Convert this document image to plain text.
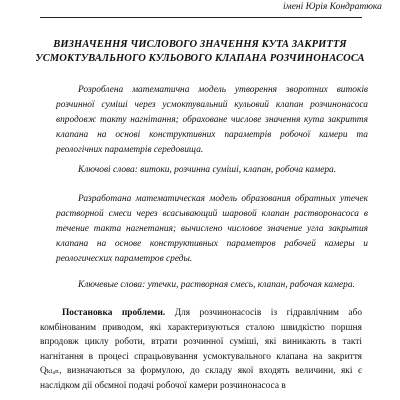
імені Юрія Кондратюка
ВИЗНАЧЕННЯ ЧИСЛОВОГО ЗНАЧЕННЯ КУТА ЗАКРИТТЯ
УСМОКТУВАЛЬНОГО КУЛЬОВОГО КЛАПАНА РОЗЧИНОНАСОСА
Розроблена математична модель утворення зворотних витоків розчинної суміші через усмоктувальний кульовий клапан розчинонасоса впродовж такту нагнітання; обраховане числове значення кута закриття клапана на основі конструктивних параметрів робочої камери та реологічних параметрів середовища.
Ключові слова: витоки, розчинна суміші, клапан, робоча камера.
Разработана математическая модель образования обратных утечек растворной смеси через всасывающий шаровой клапан растворонасоса в течение такта нагнетания; вычислено числовое значение угла закрытия клапана на основе конструктивных параметров рабочей камеры и реологических параметров среды.
Ключевые слова: утечки, растворная смесь, клапан, рабочая камера.
Постановка проблеми. Для розчинонасосів із гідравлічним або комбінованим приводом, які характеризуються сталою швидкістю поршня впродовж циклу роботи, втрати розчинної суміші, які виникають в такті нагнітання в процесі спрацьовування усмоктувального клапана на закриття Qₖₗₐₙ, визначаються за формулою, до складу якої входять величини, які є наслідком дії обємної подачі робочої камери розчинонасоса в
